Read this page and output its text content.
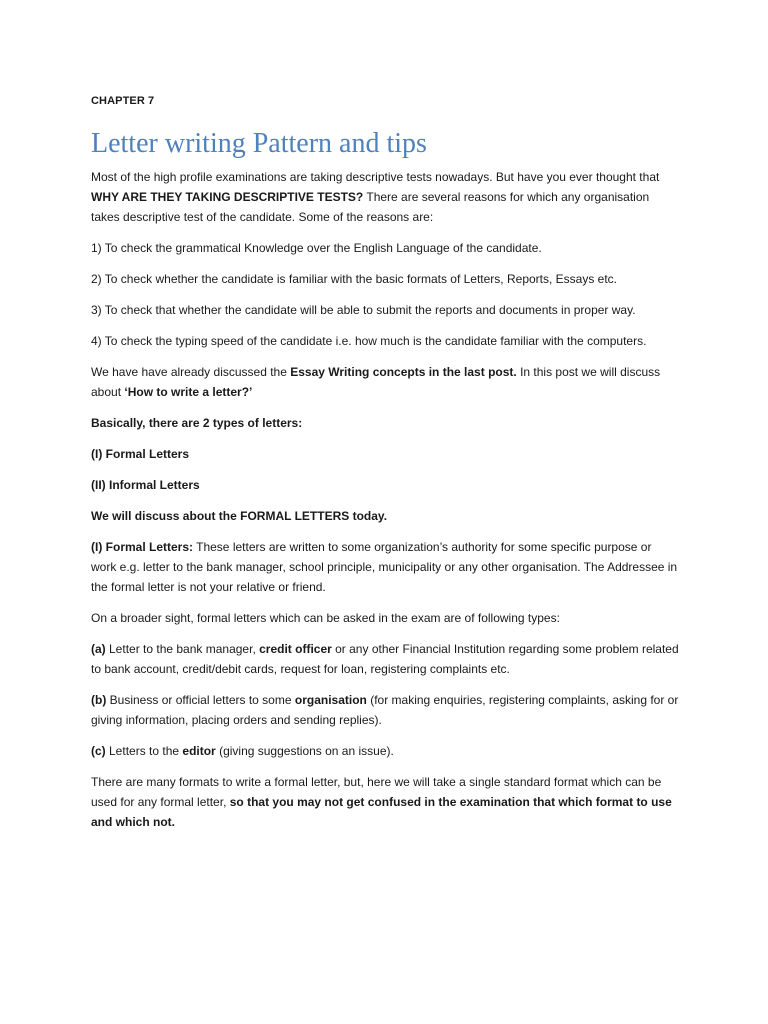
CHAPTER 7
Letter writing Pattern and tips

Most of the high profile examinations are taking descriptive tests nowadays. But have you ever thought that WHY ARE THEY TAKING DESCRIPTIVE TESTS? There are several reasons for which any organisation takes descriptive test of the candidate. Some of the reasons are:

1) To check the grammatical Knowledge over the English Language of the candidate.

2) To check whether the candidate is familiar with the basic formats of Letters, Reports, Essays etc.

3) To check that whether the candidate will be able to submit the reports and documents in proper way.

4) To check the typing speed of the candidate i.e. how much is the candidate familiar with the computers.

We have have already discussed the Essay Writing concepts in the last post. In this post we will discuss about ‘How to write a letter?’

Basically, there are 2 types of letters:

(I) Formal Letters

(II) Informal Letters

We will discuss about the FORMAL LETTERS today.

(I) Formal Letters: These letters are written to some organization’s authority for some specific purpose or work e.g. letter to the bank manager, school principle, municipality or any other organisation. The Addressee in the formal letter is not your relative or friend.

On a broader sight, formal letters which can be asked in the exam are of following types:

(a) Letter to the bank manager, credit officer or any other Financial Institution regarding some problem related to bank account, credit/debit cards, request for loan, registering complaints etc.

(b) Business or official letters to some organisation (for making enquiries, registering complaints, asking for or giving information, placing orders and sending replies).

(c) Letters to the editor (giving suggestions on an issue).

There are many formats to write a formal letter, but, here we will take a single standard format which can be used for any formal letter, so that you may not get confused in the examination that which format to use and which not.
